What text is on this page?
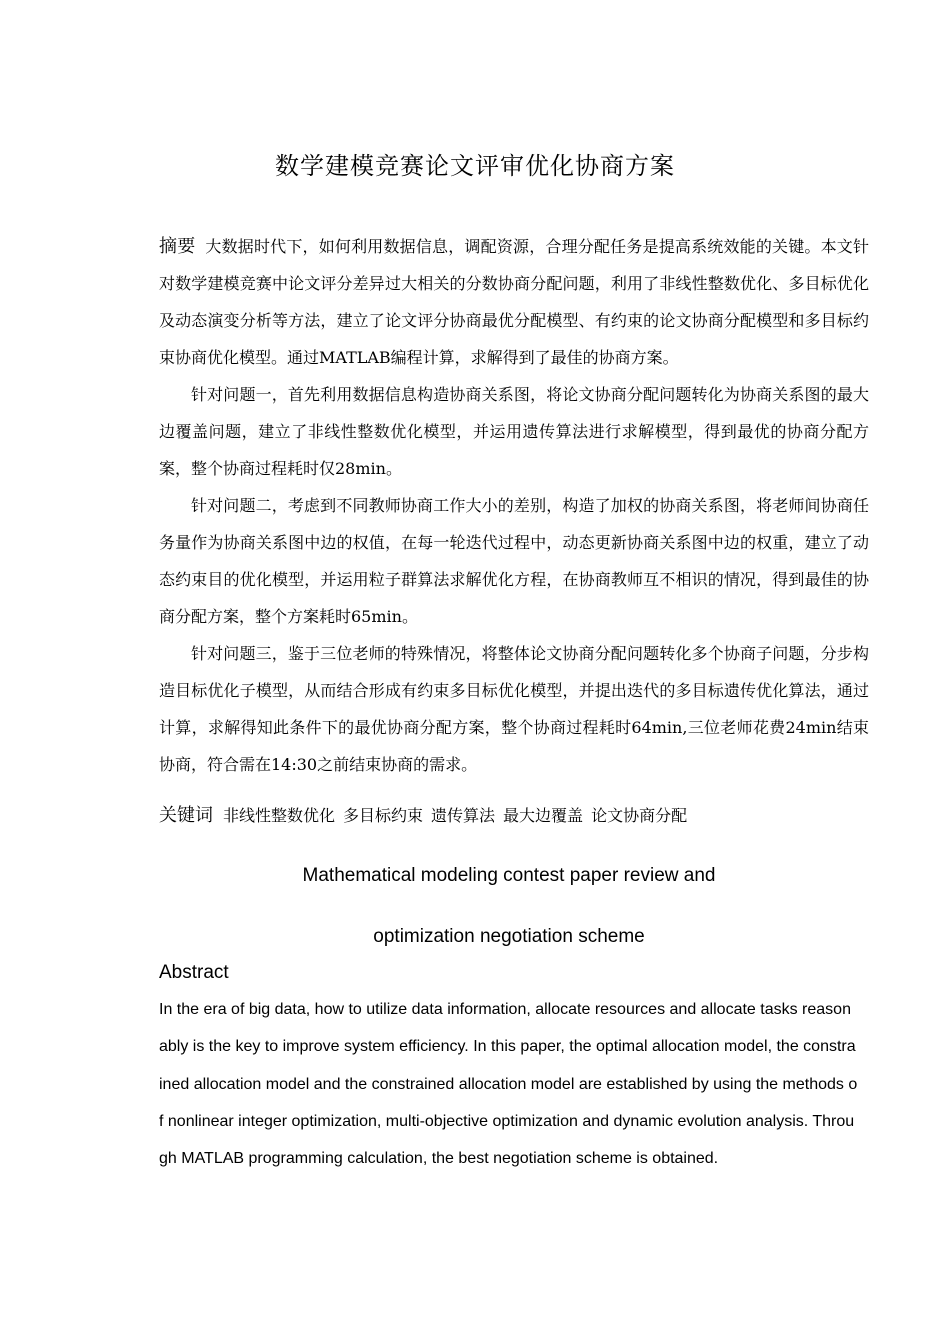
数学建模竞赛论文评审优化协商方案

摘要 大数据时代下，如何利用数据信息，调配资源，合理分配任务是提高系统效能的关键。本文针对数学建模竞赛中论文评分差异过大相关的分数协商分配问题，利用了非线性整数优化、多目标优化及动态演变分析等方法，建立了论文评分协商最优分配模型、有约束的论文协商分配模型和多目标约束协商优化模型。通过MATLAB编程计算，求解得到了最佳的协商方案。

针对问题一，首先利用数据信息构造协商关系图，将论文协商分配问题转化为协商关系图的最大边覆盖问题，建立了非线性整数优化模型，并运用遗传算法进行求解模型，得到最优的协商分配方案，整个协商过程耗时仅28min。

针对问题二，考虑到不同教师协商工作大小的差别，构造了加权的协商关系图，将老师间协商任务量作为协商关系图中边的权值，在每一轮迭代过程中，动态更新协商关系图中边的权重，建立了动态约束目的优化模型，并运用粒子群算法求解优化方程，在协商教师互不相识的情况，得到最佳的协商分配方案，整个方案耗时65min。

针对问题三，鉴于三位老师的特殊情况，将整体论文协商分配问题转化多个协商子问题，分步构造目标优化子模型，从而结合形成有约束多目标优化模型，并提出迭代的多目标遗传优化算法，通过计算，求解得知此条件下的最优协商分配方案，整个协商过程耗时64min,三位老师花费24min结束协商，符合需在14:30之前结束协商的需求。

关键词 非线性整数优化 多目标约束 遗传算法 最大边覆盖 论文协商分配
Mathematical modeling contest paper review and
optimization negotiation scheme
Abstract
In the era of big data, how to utilize data information, allocate resources and allocate tasks reasonably is the key to improve system efficiency. In this paper, the optimal allocation model, the constrained allocation model and the constrained allocation model are established by using the methods of nonlinear integer optimization, multi-objective optimization and dynamic evolution analysis. Through MATLAB programming calculation, the best negotiation scheme is obtained.
